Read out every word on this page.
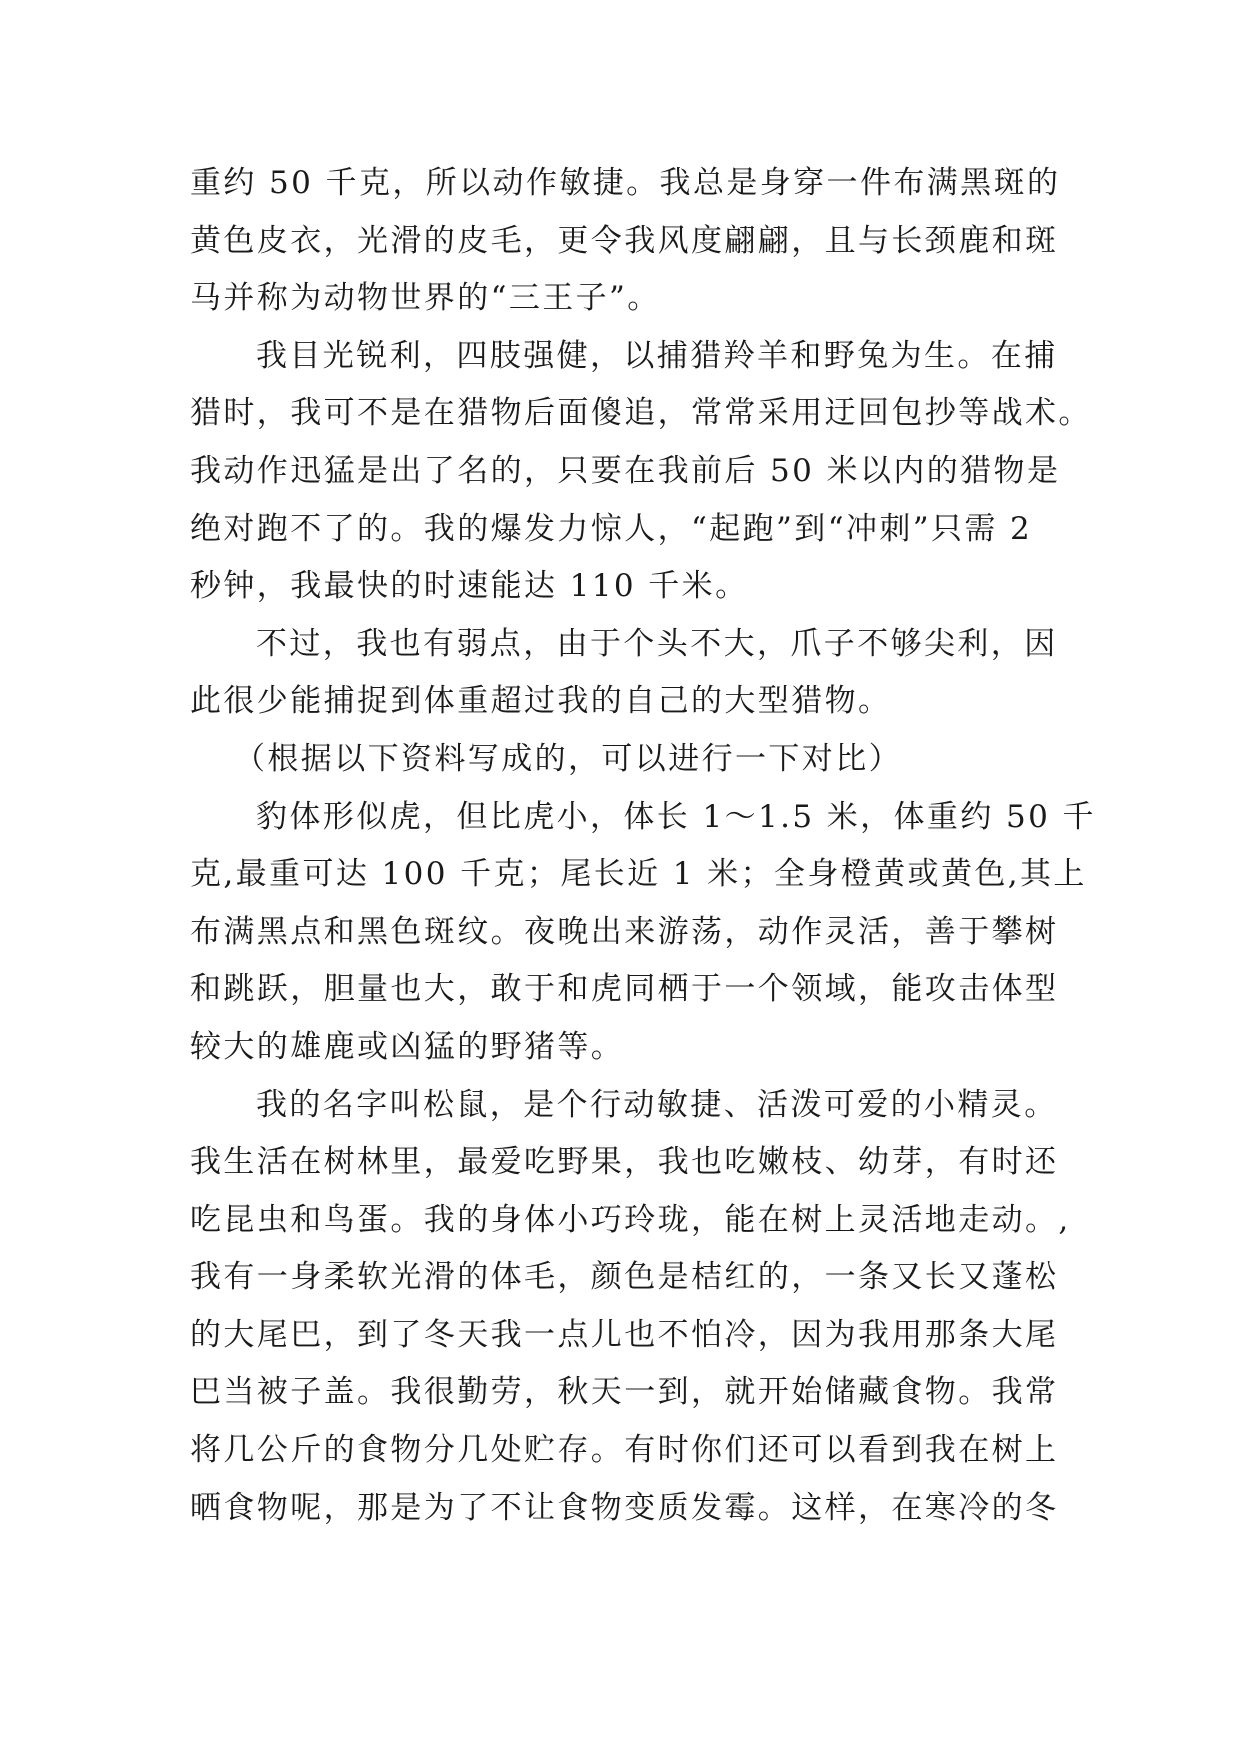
重约 50 千克，所以动作敏捷。我总是身穿一件布满黑斑的
黄色皮衣，光滑的皮毛，更令我风度翩翩，且与长颈鹿和斑
马并称为动物世界的“三王子”。
我目光锐利，四肢强健，以捕猎羚羊和野兔为生。在捕
猎时，我可不是在猎物后面傻追，常常采用迂回包抄等战术。
我动作迅猛是出了名的，只要在我前后 50 米以内的猎物是
绝对跑不了的。我的爆发力惊人，“起跑”到“冲刺”只需 2
秒钟，我最快的时速能达 110 千米。
不过，我也有弱点，由于个头不大，爪子不够尖利，因
此很少能捕捉到体重超过我的自己的大型猎物。
（根据以下资料写成的，可以进行一下对比）
豹体形似虎，但比虎小，体长 1～1.5 米，体重约 50 千
克,最重可达 100 千克；尾长近 1 米；全身橙黄或黄色,其上
布满黑点和黑色斑纹。夜晚出来游荡，动作灵活，善于攀树
和跳跃，胆量也大，敢于和虎同栖于一个领域，能攻击体型
较大的雄鹿或凶猛的野猪等。
我的名字叫松鼠，是个行动敏捷、活泼可爱的小精灵。
我生活在树林里，最爱吃野果，我也吃嫩枝、幼芽，有时还
吃昆虫和鸟蛋。我的身体小巧玲珑，能在树上灵活地走动。,
我有一身柔软光滑的体毛，颜色是桔红的，一条又长又蓬松
的大尾巴，到了冬天我一点儿也不怕冷，因为我用那条大尾
巴当被子盖。我很勤劳，秋天一到，就开始储藏食物。我常
将几公斤的食物分几处贮存。有时你们还可以看到我在树上
晒食物呢，那是为了不让食物变质发霉。这样，在寒冷的冬
